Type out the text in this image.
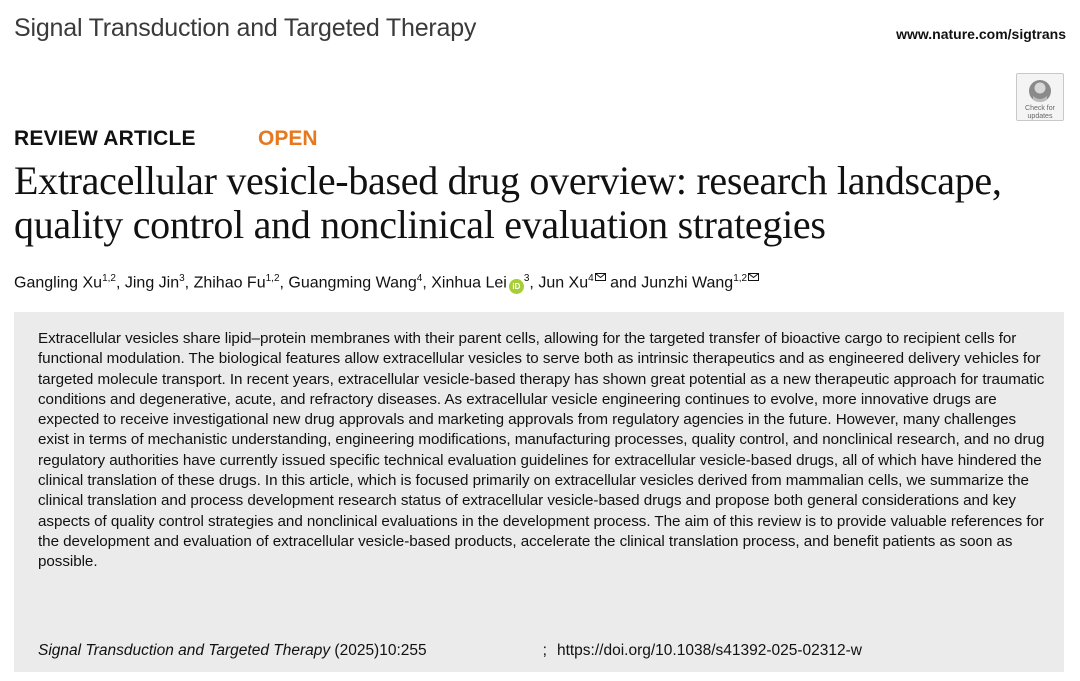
Signal Transduction and Targeted Therapy	www.nature.com/sigtrans
Check for
updates
REVIEW ARTICLE	OPEN
Extracellular vesicle-based drug overview: research landscape, quality control and nonclinical evaluation strategies
Gangling Xu$^{1,2}$, Jing Jin$^3$, Zhihao Fu$^{1,2}$, Guangming Wang$^4$, Xinhua Lei $iD^3$, Jun Xu$^4$ and Junzhi Wang$^{1,2}$

Extracellular vesicles share lipid–protein membranes with their parent cells, allowing for the targeted transfer of bioactive cargo to recipient cells for functional modulation. The biological features allow extracellular vesicles to serve both as intrinsic therapeutics and as engineered delivery vehicles for targeted molecule transport. In recent years, extracellular vesicle-based therapy has shown great potential as a new therapeutic approach for traumatic conditions and degenerative, acute, and refractory diseases. As extracellular vesicle engineering continues to evolve, more innovative drugs are expected to receive investigational new drug approvals and marketing approvals from regulatory agencies in the future. However, many challenges exist in terms of mechanistic understanding, engineering modifications, manufacturing processes, quality control, and nonclinical research, and no drug regulatory authorities have currently issued specific technical evaluation guidelines for extracellular vesicle-based drugs, all of which have hindered the clinical translation of these drugs. In this article, which is focused primarily on extracellular vesicles derived from mammalian cells, we summarize the clinical translation and process development research status of extracellular vesicle-based drugs and propose both general considerations and key aspects of quality control strategies and nonclinical evaluations in the development process. The aim of this review is to provide valuable references for the development and evaluation of extracellular vesicle-based products, accelerate the clinical translation process, and benefit patients as soon as possible.

Signal Transduction and Targeted Therapy (2025)10:255	; https://doi.org/10.1038/s41392-025-02312-w
